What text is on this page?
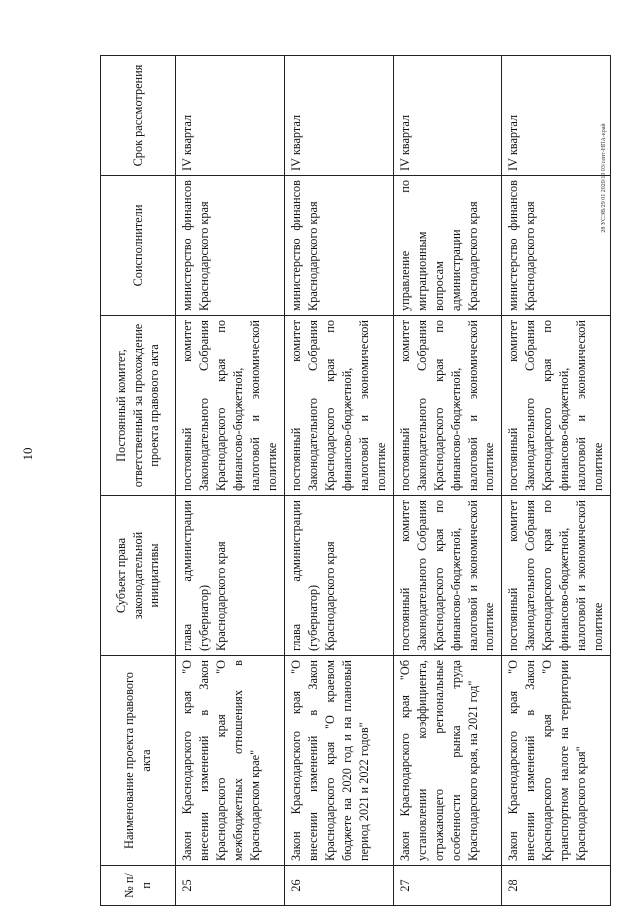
10
28 УСЭВ/29 01 2020/10 03/сент-НПА-край
№ п/п	Наименование проекта правового акта	Субъект права законодательной инициативы	Постоянный комитет, ответственный за прохождение проекта правового акта	Соисполнители	Срок рассмотрения
25	Закон Краснодарского края "О внесении изменений в Закон Краснодарского края "О межбюджетных отношениях в Краснодарском крае"	глава администрации (губернатор) Краснодарского края	постоянный комитет Законодательного Собрания Краснодарского края по финансово-бюджетной, налоговой и экономической политике	министерство финансов Краснодарского края	IV квартал
26	Закон Краснодарского края "О внесении изменений в Закон Краснодарского края "О краевом бюджете на 2020 год и на плановый период 2021 и 2022 годов"	глава администрации (губернатор) Краснодарского края	постоянный комитет Законодательного Собрания Краснодарского края по финансово-бюджетной, налоговой и экономической политике	министерство финансов Краснодарского края	IV квартал
27	Закон Краснодарского края "Об установлении коэффициента, отражающего региональные особенности рынка труда Краснодарского края, на 2021 год"	постоянный комитет Законодательного Собрания Краснодарского края по финансово-бюджетной, налоговой и экономической политике	постоянный комитет Законодательного Собрания Краснодарского края по финансово-бюджетной, налоговой и экономической политике	управление по миграционным вопросам администрации Краснодарского края	IV квартал
28	Закон Краснодарского края "О внесении изменений в Закон Краснодарского края "О транспортном налоге на территории Краснодарского края"	постоянный комитет Законодательного Собрания Краснодарского края по финансово-бюджетной, налоговой и экономической политике	постоянный комитет Законодательного Собрания Краснодарского края по финансово-бюджетной, налоговой и экономической политике	министерство финансов Краснодарского края	IV квартал
